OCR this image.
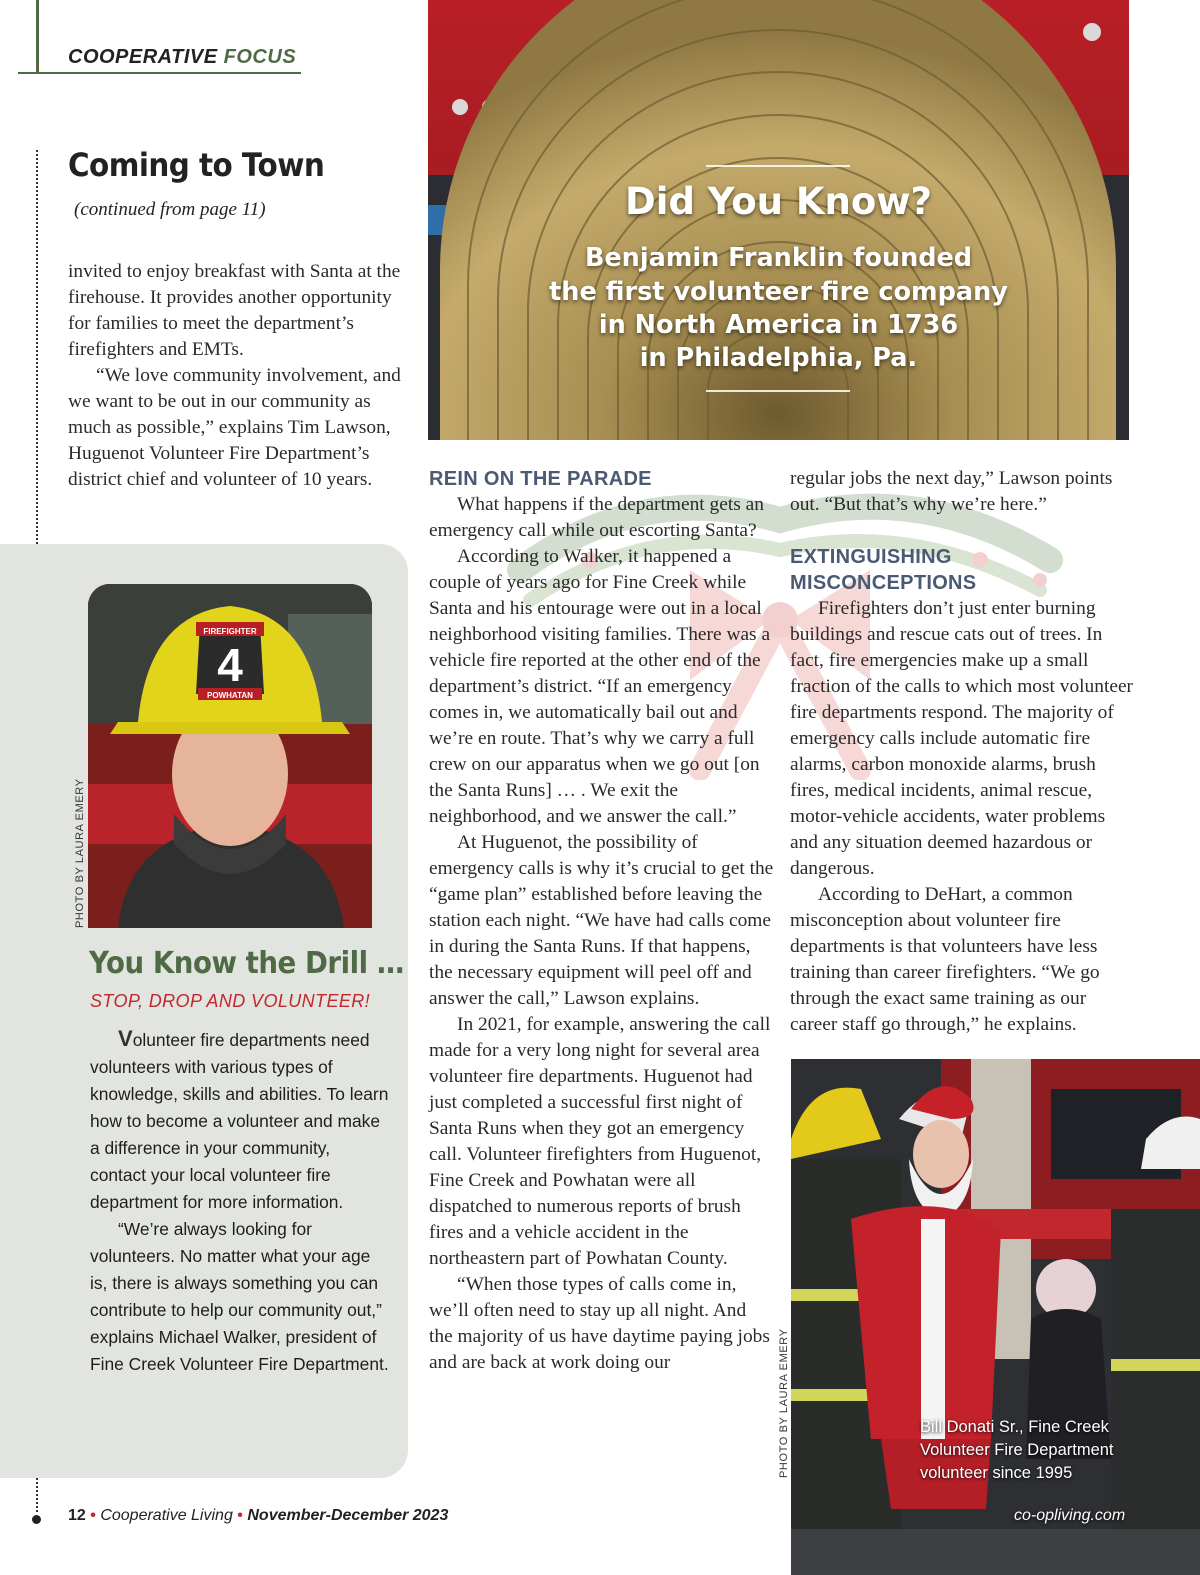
COOPERATIVE FOCUS
Coming to Town
(continued from page 11)

invited to enjoy breakfast with Santa at the firehouse. It provides another opportunity for families to meet the department’s firefighters and EMTs.

“We love community involvement, and we want to be out in our community as much as possible,” explains Tim Lawson, Huguenot Volunteer Fire Department’s district chief and volunteer of 10 years.

Did You Know?
Benjamin Franklin founded
the first volunteer fire company
in North America in 1736
in Philadelphia, Pa.
REIN ON THE PARADE

What happens if the department gets an emergency call while out escorting Santa?

According to Walker, it happened a couple of years ago for Fine Creek while Santa and his entourage were out in a local neighborhood visiting families. There was a vehicle fire reported at the other end of the department’s district. “If an emergency comes in, we automatically bail out and we’re en route. That’s why we carry a full crew on our apparatus when we go out [on the Santa Runs] … . We exit the neighborhood, and we answer the call.”

At Huguenot, the possibility of emergency calls is why it’s crucial to get the “game plan” established before leaving the station each night. “We have had calls come in during the Santa Runs. If that happens, the necessary equipment will peel off and answer the call,” Lawson explains.

In 2021, for example, answering the call made for a very long night for several area volunteer fire departments. Huguenot had just completed a successful first night of Santa Runs when they got an emergency call. Volunteer firefighters from Huguenot, Fine Creek and Powhatan were all dispatched to numerous reports of brush fires and a vehicle accident in the northeastern part of Powhatan County.

“When those types of calls come in, we’ll often need to stay up all night. And the majority of us have daytime paying jobs and are back at work doing our

regular jobs the next day,” Lawson points out. “But that’s why we’re here.”

EXTINGUISHING
MISCONCEPTIONS

Firefighters don’t just enter burning buildings and rescue cats out of trees. In fact, fire emergencies make up a small fraction of the calls to which most volunteer fire departments respond. The majority of emergency calls include automatic fire alarms, carbon monoxide alarms, brush fires, medical incidents, animal rescue, motor-vehicle accidents, water problems and any situation deemed hazardous or dangerous.

According to DeHart, a common misconception about volunteer fire departments is that volunteers have less training than career firefighters. “We go through the exact same training as our career staff go through,” he explains.

FIREFIGHTER
4
POWHATAN
PHOTO BY LAURA EMERY
You Know the Drill …
STOP, DROP AND VOLUNTEER!

Volunteer fire departments need volunteers with various types of knowledge, skills and abilities. To learn how to become a volunteer and make a difference in your community, contact your local volunteer fire department for more information.

“We’re always looking for volunteers. No matter what your age is, there is always something you can contribute to help our community out,” explains Michael Walker, president of Fine Creek Volunteer Fire Department.	PHOTO BY LAURA EMERY	Bill Donati Sr., Fine Creek

Volunteer Fire Department

volunteer since 1995

co-opliving.com
12 • Cooperative Living • November-December 2023
